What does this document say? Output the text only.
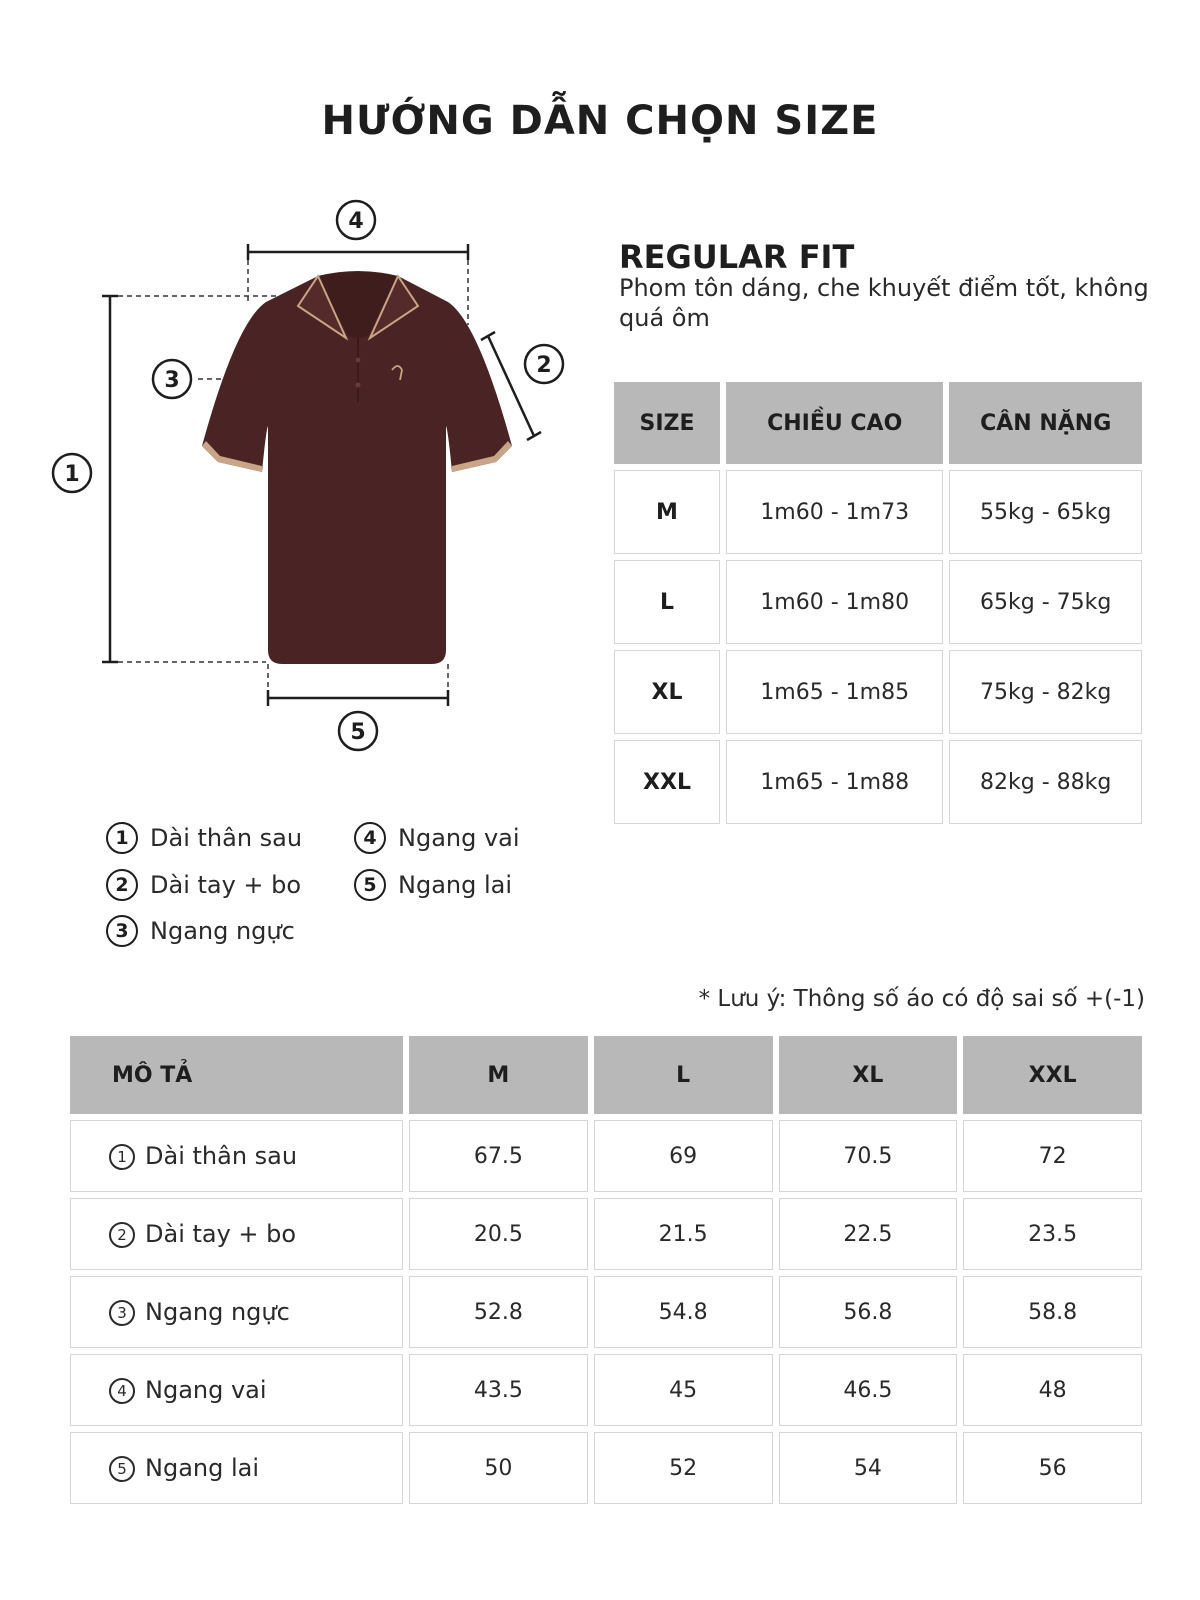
HƯỚNG DẪN CHỌN SIZE
4
1
3
2
5
REGULAR FIT
Phom tôn dáng, che khuyết điểm tốt, không quá ôm
SIZE	CHIỀU CAO	CÂN NẶNG
M	1m60 - 1m73	55kg - 65kg
L	1m60 - 1m80	65kg - 75kg
XL	1m65 - 1m85	75kg - 82kg
XXL	1m65 - 1m88	82kg - 88kg
1 Dài thân sau
2 Dài tay + bo
3 Ngang ngực
4 Ngang vai
5 Ngang lai
* Lưu ý: Thông số áo có độ sai số +(-1)
MÔ TẢ	M	L	XL	XXL
1 Dài thân sau	67.5	69	70.5	72
2 Dài tay + bo	20.5	21.5	22.5	23.5
3 Ngang ngực	52.8	54.8	56.8	58.8
4 Ngang vai	43.5	45	46.5	48
5 Ngang lai	50	52	54	56
